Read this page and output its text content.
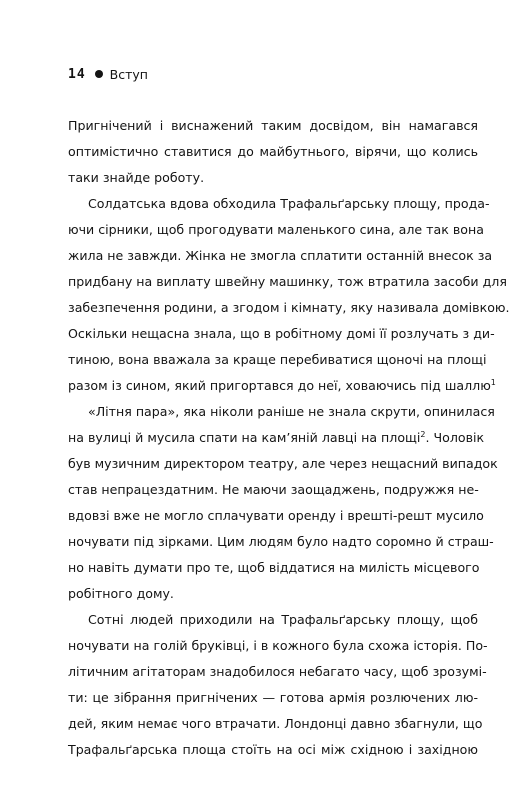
14 Вступ
Пригнічений і виснажений таким досвідом, він намагався
оптимістично ставитися до майбутнього, вірячи, що колись
таки знайде роботу.
Солдатська вдова обходила Трафальґарську площу, прода-
ючи сірники, щоб прогодувати маленького сина, але так вона
жила не завжди. Жінка не змогла сплатити останній внесок за
придбану на виплату швейну машинку, тож втратила засоби для
забезпечення родини, а згодом і кімнату, яку називала домівкою.
Оскільки нещасна знала, що в робітному домі її розлучать з ди-
тиною, вона вважала за краще перебиватися щоночі на площі
разом із сином, який пригортався до неї, ховаючись під шаллю$^1$
«Літня пара», яка ніколи раніше не знала скрути, опинилася
на вулиці й мусила спати на кам’яній лавці на площі$^2$. Чоловік
був музичним директором театру, але через нещасний випадок
став непрацездатним. Не маючи заощаджень, подружжя не-
вдовзі вже не могло сплачувати оренду і врешті-решт мусило
ночувати під зірками. Цим людям було надто соромно й страш-
но навіть думати про те, щоб віддатися на милість місцевого
робітного дому.
Сотні людей приходили на Трафальґарську площу, щоб
ночувати на голій бруківці, і в кожного була схожа історія. По-
літичним агітаторам знадобилося небагато часу, щоб зрозумі-
ти: це зібрання пригнічених — готова армія розлючених лю-
дей, яким немає чого втрачати. Лондонці давно збагнули, що
Трафальґарська площа стоїть на осі між східною і західною
